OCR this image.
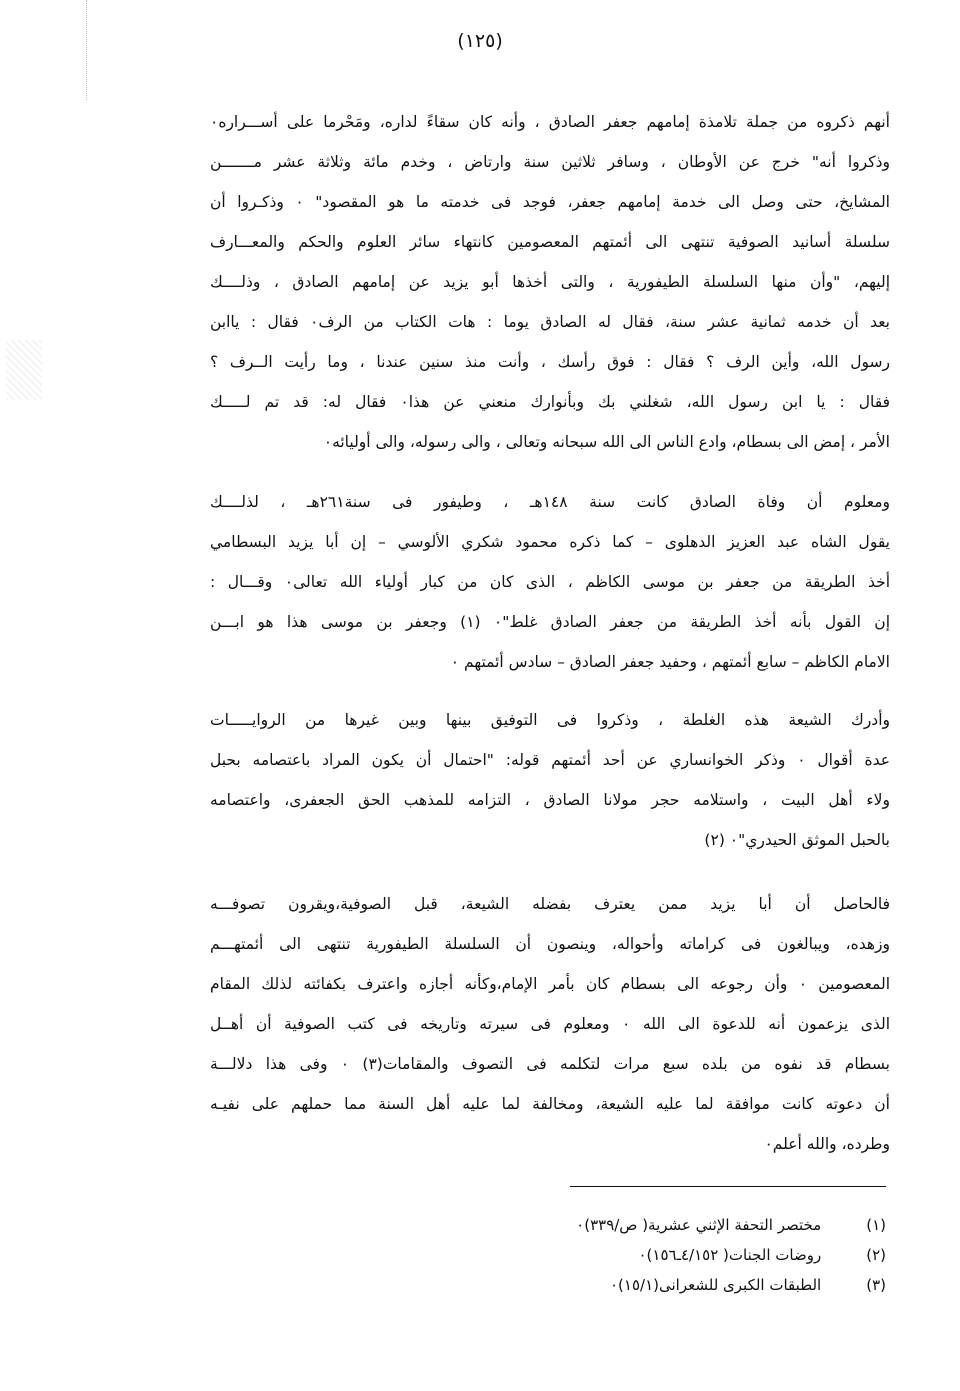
(١٢٥)
أنهم ذكروه من جملة تلامذة إمامهم جعفر الصادق ، وأنه كان سقاءً لداره، ومَحْرما على أســـراره٠
وذكروا أنه" خرج عن الأوطان ، وسافر ثلاثين سنة وارتاض ، وخدم مائة وثلاثة عشر مـــــــن
المشايخ، حتى وصل الى خدمة إمامهم جعفر، فوجد فى خدمته ما هو المقصود" ٠ وذكـروا أن
سلسلة أسانيد الصوفية تنتهى الى أئمتهم المعصومين كانتهاء سائر العلوم والحكم والمعـــارف
إليهم، "وأن منها السلسلة الطيفورية ، والتى أخذها أبو يزيد عن إمامهم الصادق ، وذلــــك
بعد أن خدمه ثمانية عشر سنة، فقال له الصادق يوما : هات الكتاب من الرف٠ فقال : ياابن
رسول الله، وأين الرف ؟ فقال : فوق رأسك ، وأنت منذ سنين عندنا ، وما رأيت الــرف ؟
فقال : يا ابن رسول الله، شغلني بك وبأنوارك منعني عن هذا٠ فقال له: قد تم لـــــك
الأمر ، إمض الى بسطام، وادع الناس الى الله سبحانه وتعالى ، والى رسوله، والى أوليائه٠
ومعلوم أن وفاة الصادق كانت سنة ١٤٨هـ ، وطيفور فى سنة٢٦١هـ ، لذلــــك
يقول الشاه عبد العزيز الدهلوى – كما ذكره محمود شكري الألوسي – إن أبا يزيد البسطامي
أخذ الطريقة من جعفر بن موسى الكاظم ، الذى كان من كبار أولياء الله تعالى٠ وقـــال :
إن القول بأنه أخذ الطريقة من جعفر الصادق غلط"٠ (١) وجعفر بن موسى هذا هو ابـــن
الامام الكاظم – سابع أئمتهم ، وحفيد جعفر الصادق – سادس أئمتهم ٠
وأدرك الشيعة هذه الغلطة ، وذكروا فى التوفيق بينها وبين غيرها من الروايـــــات
عدة أقوال ٠ وذكر الخوانساري عن أحد أئمتهم قوله: "احتمال أن يكون المراد باعتصامه بحبل
ولاء أهل البيت ، واستلامه حجر مولانا الصادق ، التزامه للمذهب الحق الجعفرى، واعتصامه
بالحبل الموثق الحيدري"٠ (٢)
فالحاصل أن أبا يزيد ممن يعترف بفضله الشيعة، قبل الصوفية،ويقرون تصوفـــه
وزهده، ويبالغون فى كراماته وأحواله، وينصون أن السلسلة الطيفورية تنتهى الى أئمتهـــم
المعصومين ٠ وأن رجوعه الى بسطام كان بأمر الإمام،وكأنه أجازه واعترف بكفائته لذلك المقام
الذى يزعمون أنه للدعوة الى الله ٠ ومعلوم فى سيرته وتاريخه فى كتب الصوفية أن أهــل
بسطام قد نفوه من بلده سبع مرات لتكلمه فى التصوف والمقامات(٣) ٠ وفى هذا دلالـــة
أن دعوته كانت موافقة لما عليه الشيعة، ومخالفة لما عليه أهل السنة مما حملهم على نفيـه
وطرده، والله أعلم٠
(١) مختصر التحفة الإثني عشرية( ص/٣٣٩)٠
(٢) روضات الجنات( ٤/١٥٢ـ١٥٦)٠
(٣) الطبقات الكبرى للشعرانى(١٥/١)٠
